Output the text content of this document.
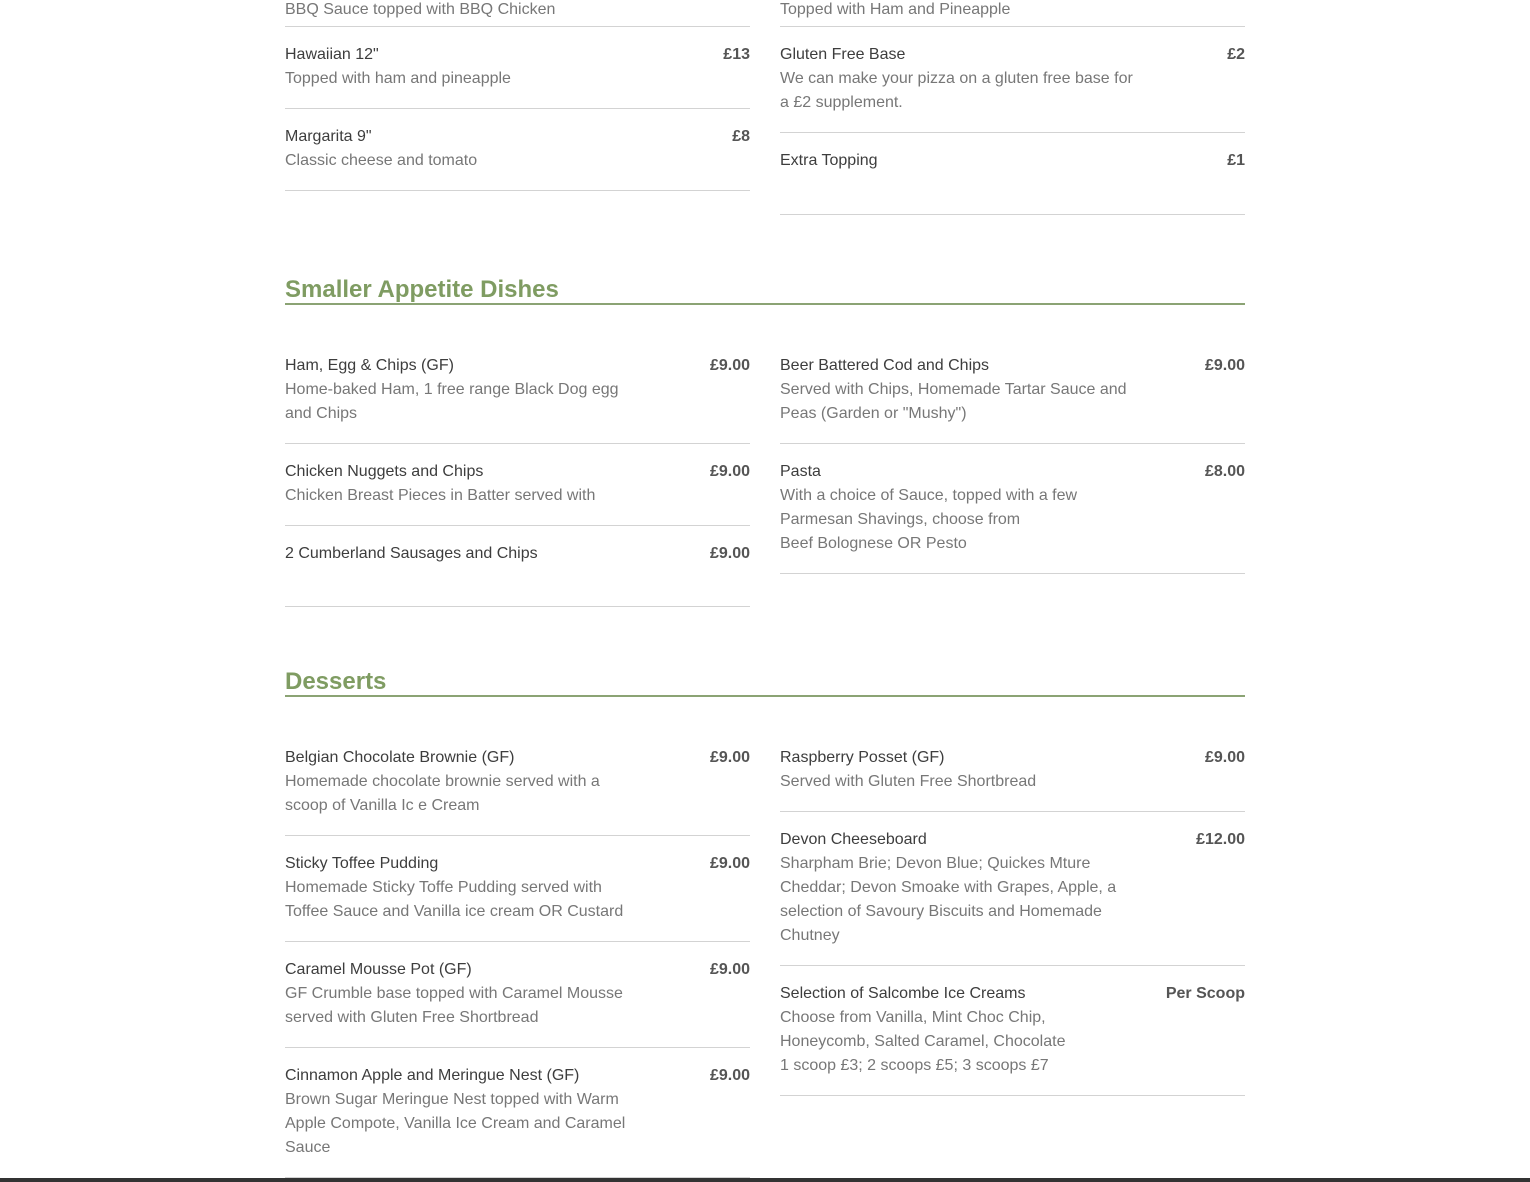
BBQ Sauce topped with BBQ Chicken
Hawaiian 12"
Topped with ham and pineapple
£13
Margarita 9"
Classic cheese and tomato
£8
Topped with Ham and Pineapple
Gluten Free Base
We can make your pizza on a gluten free base for a £2 supplement.
£2
Extra Topping	£1
Smaller Appetite Dishes
Ham, Egg & Chips (GF)
Home-baked Ham, 1 free range Black Dog egg and Chips
£9.00
Chicken Nuggets and Chips
Chicken Breast Pieces in Batter served with
£9.00
2 Cumberland Sausages and Chips	£9.00
Beer Battered Cod and Chips
Served with Chips, Homemade Tartar Sauce and Peas (Garden or "Mushy")
£9.00
Pasta
With a choice of Sauce, topped with a few Parmesan Shavings, choose from
Beef Bolognese OR Pesto
£8.00
Desserts
Belgian Chocolate Brownie (GF)
Homemade chocolate brownie served with a scoop of Vanilla Ic e Cream
£9.00
Sticky Toffee Pudding
Homemade Sticky Toffe Pudding served with Toffee Sauce and Vanilla ice cream OR Custard
£9.00
Caramel Mousse Pot (GF)
GF Crumble base topped with Caramel Mousse served with Gluten Free Shortbread
£9.00
Cinnamon Apple and Meringue Nest (GF)
Brown Sugar Meringue Nest topped with Warm Apple Compote, Vanilla Ice Cream and Caramel Sauce
£9.00
Raspberry Posset (GF)
Served with Gluten Free Shortbread
£9.00
Devon Cheeseboard
Sharpham Brie; Devon Blue; Quickes Mture Cheddar; Devon Smoake with Grapes, Apple, a selection of Savoury Biscuits and Homemade Chutney
£12.00
Selection of Salcombe Ice Creams
Choose from Vanilla, Mint Choc Chip, Honeycomb, Salted Caramel, Chocolate
1 scoop £3; 2 scoops £5; 3 scoops £7
Per Scoop
